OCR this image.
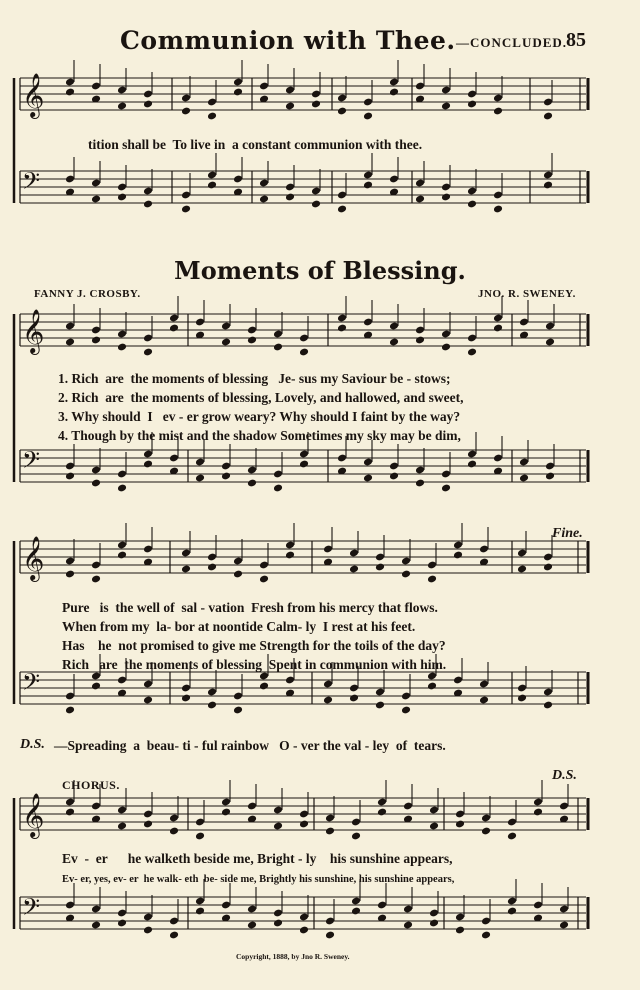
Communion with Thee. —CONCLUDED.
85
𝄞
𝄢
𝄞
𝄢
𝄞
𝄢
𝄞
𝄢
tition shall be  To live in  a constant communion with thee.
Moments of Blessing.
FANNY J. CROSBY.	JNO. R. SWENEY.
1. Rich  are  the moments of blessing   Je- sus my Saviour be - stows;
2. Rich  are  the moments of blessing, Lovely, and hallowed, and sweet,
3. Why should  I   ev - er grow weary? Why should I faint by the way?
4. Though by the mist and the shadow Sometimes my sky may be dim,
Fine.
Pure   is  the well of  sal - vation  Fresh from his mercy that flows.
When from my  la- bor at noontide Calm- ly  I rest at his feet.
Has    he  not promised to give me Strength for the toils of the day?
Rich   are  the moments of blessing  Spent in communion with him.
D.S. —Spreading  a  beau- ti - ful rainbow   O - ver the val - ley  of  tears.
CHORUS.
D.S.
Ev  -  er      he walketh beside me, Bright - ly    his sunshine appears,
Ev- er, yes, ev- er  he walk- eth  be- side me, Brightly his sunshine, his sunshine appears,
Copyright, 1888, by Jno R. Sweney.
